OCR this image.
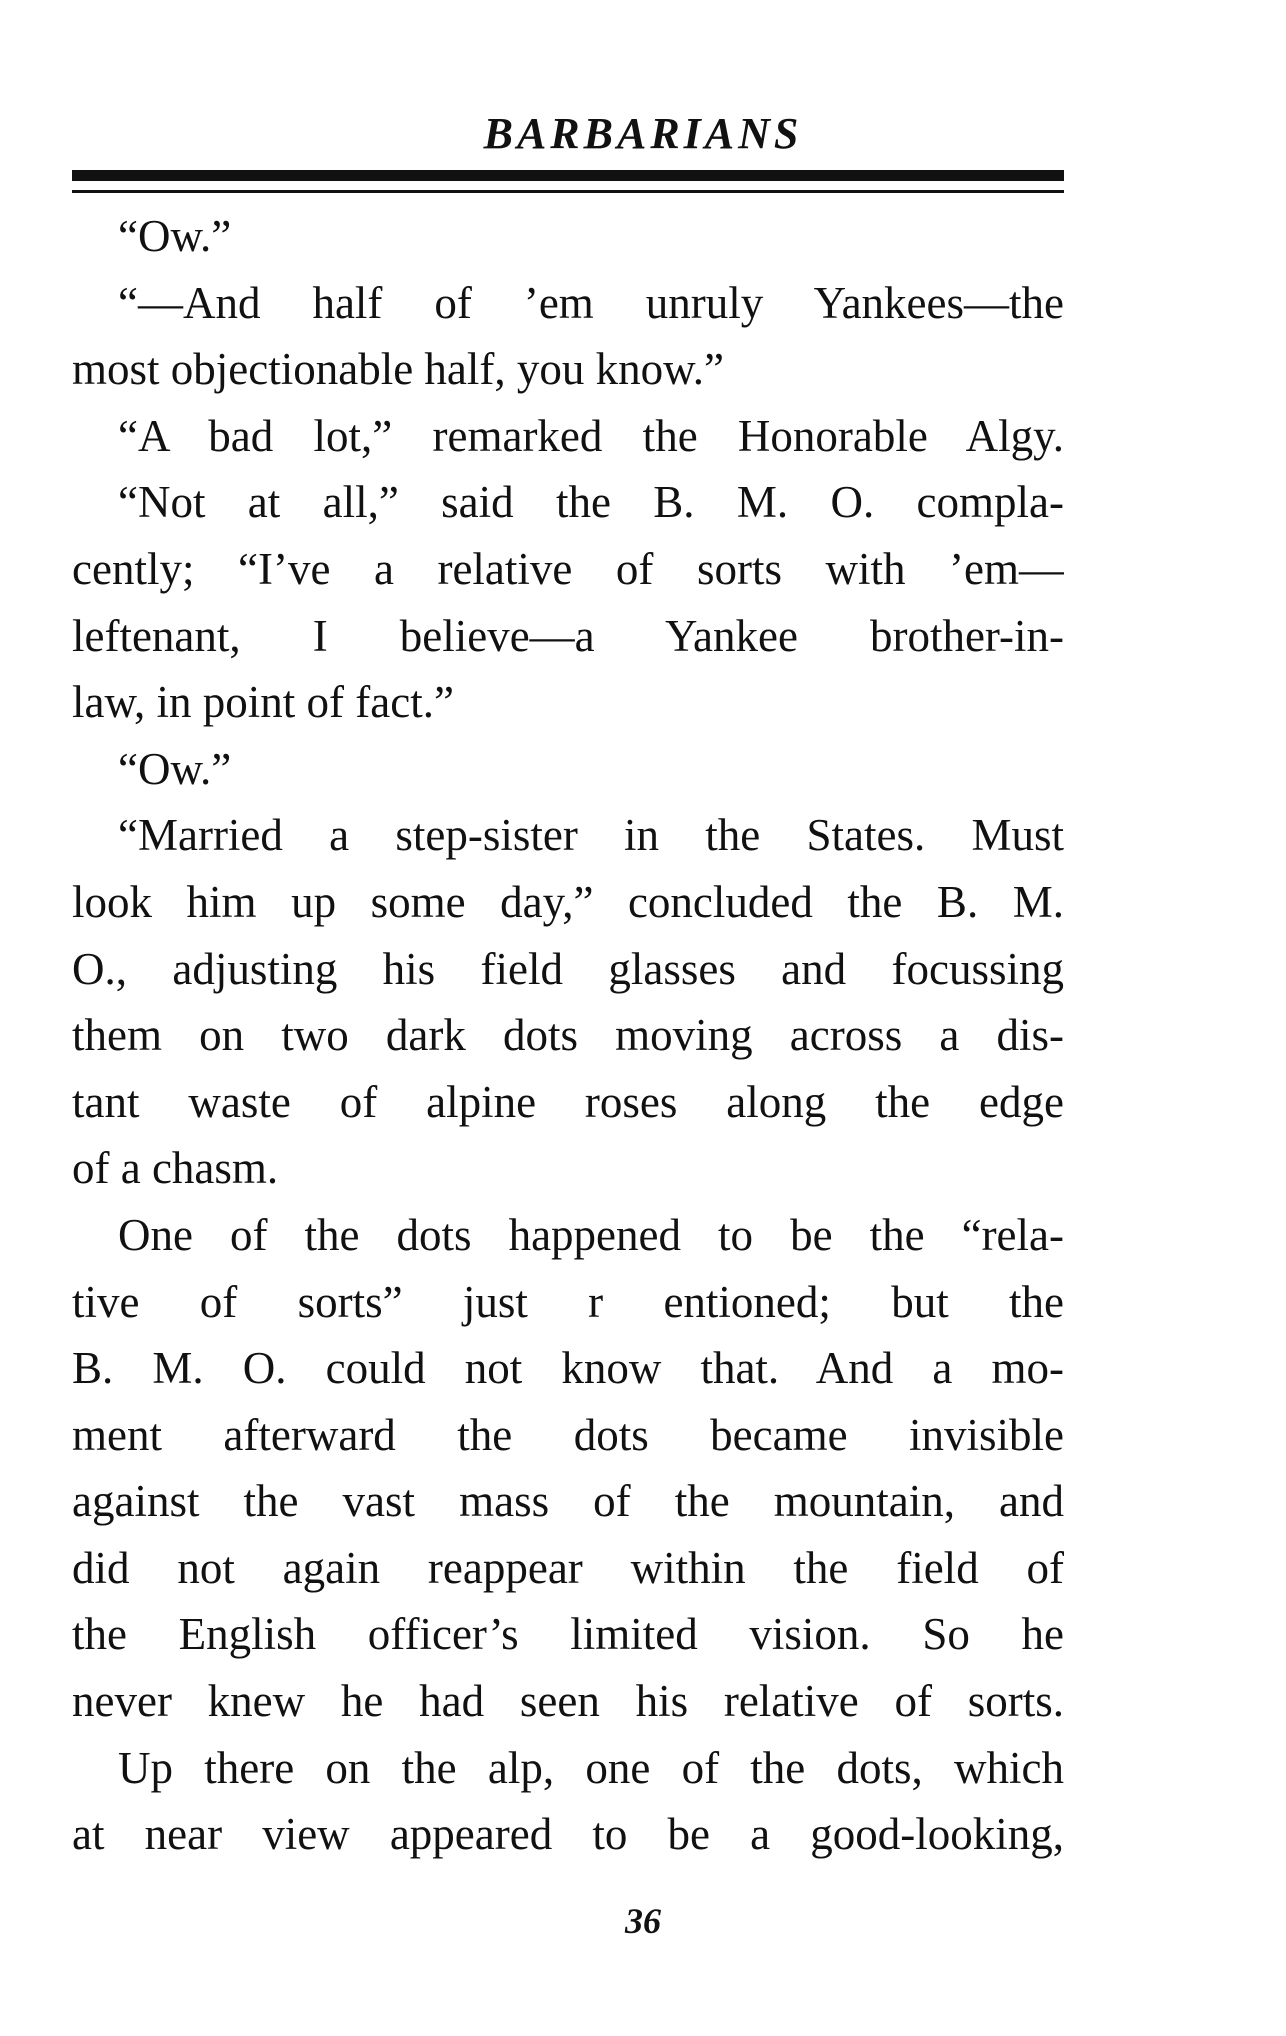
BARBARIANS
“Ow.”
“—And half of ’em unruly Yankees—the
most objectionable half, you know.”
“A bad lot,” remarked the Honorable Algy.
“Not at all,” said the B. M. O. compla-
cently; “I’ve a relative of sorts with ’em—
leftenant, I believe—a Yankee brother-in-
law, in point of fact.”
“Ow.”
“Married a step-sister in the States. Must
look him up some day,” concluded the B. M.
O., adjusting his field glasses and focussing
them on two dark dots moving across a dis-
tant waste of alpine roses along the edge
of a chasm.
One of the dots happened to be the “rela-
tive of sorts” just r entioned; but the
B. M. O. could not know that. And a mo-
ment afterward the dots became invisible
against the vast mass of the mountain, and
did not again reappear within the field of
the English officer’s limited vision. So he
never knew he had seen his relative of sorts.
Up there on the alp, one of the dots, which
at near view appeared to be a good-looking,
36
